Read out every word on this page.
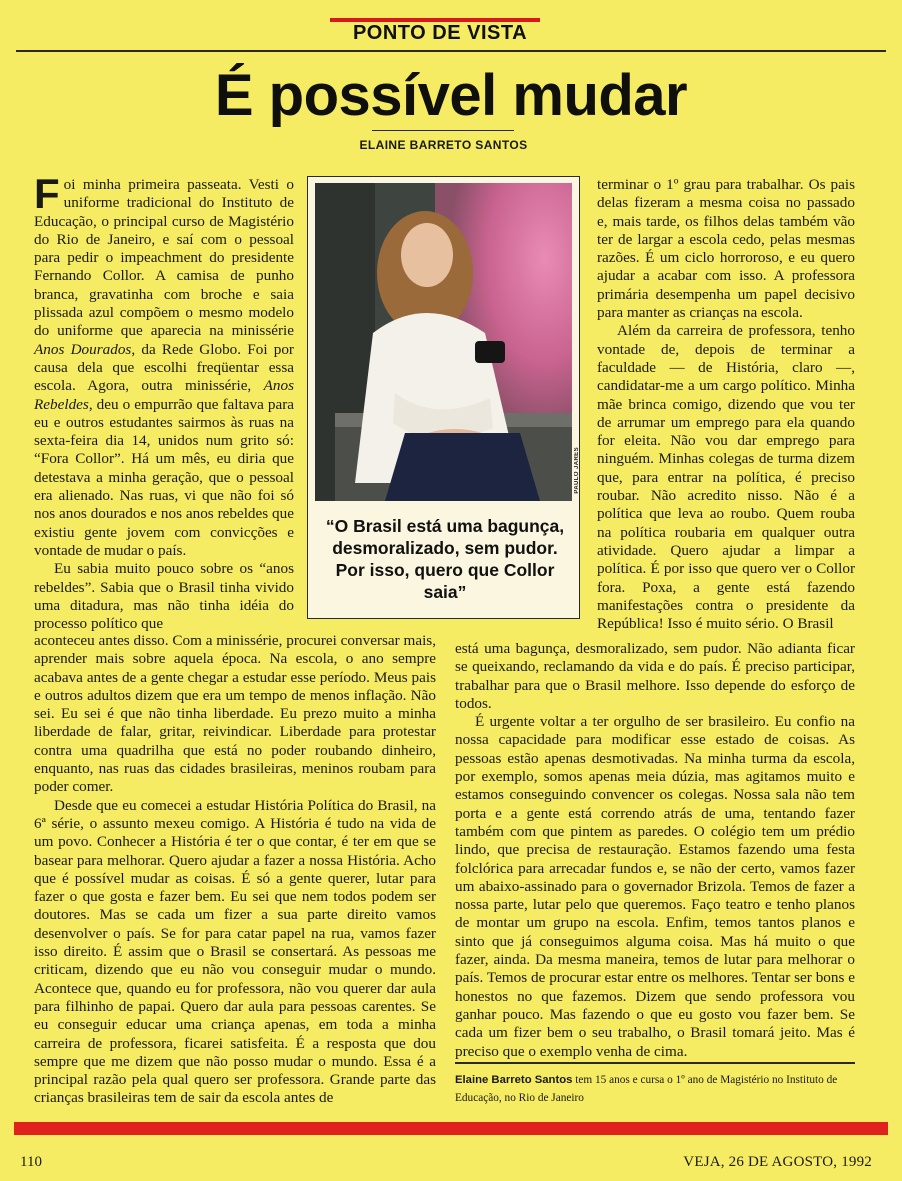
PONTO DE VISTA
É possível mudar
ELAINE BARRETO SANTOS

Foi minha primeira passeata. Vesti o uniforme tradicional do Instituto de Educação, o principal curso de Magistério do Rio de Janeiro, e saí com o pessoal para pedir o impeachment do presidente Fernando Collor. A camisa de punho branca, gravatinha com broche e saia plissada azul compõem o mesmo modelo do uniforme que aparecia na minissérie Anos Dourados, da Rede Globo. Foi por causa dela que escolhi freqüentar essa escola. Agora, outra minissérie, Anos Rebeldes, deu o empurrão que faltava para eu e outros estudantes sairmos às ruas na sexta-feira dia 14, unidos num grito só: “Fora Collor”. Há um mês, eu diria que detestava a minha geração, que o pessoal era alienado. Nas ruas, vi que não foi só nos anos dourados e nos anos rebeldes que existiu gente jovem com convicções e vontade de mudar o país.

Eu sabia muito pouco sobre os “anos rebeldes”. Sabia que o Brasil tinha vivido uma ditadura, mas não tinha idéia do processo político que

aconteceu antes disso. Com a minissérie, procurei conversar mais, aprender mais sobre aquela época. Na escola, o ano sempre acabava antes de a gente chegar a estudar esse período. Meus pais e outros adultos dizem que era um tempo de menos inflação. Não sei. Eu sei é que não tinha liberdade. Eu prezo muito a minha liberdade de falar, gritar, reivindicar. Liberdade para protestar contra uma quadrilha que está no poder roubando dinheiro, enquanto, nas ruas das cidades brasileiras, meninos roubam para poder comer.

Desde que eu comecei a estudar História Política do Brasil, na 6ª série, o assunto mexeu comigo. A História é tudo na vida de um povo. Conhecer a História é ter o que contar, é ter em que se basear para melhorar. Quero ajudar a fazer a nossa História. Acho que é possível mudar as coisas. É só a gente querer, lutar para fazer o que gosta e fazer bem. Eu sei que nem todos podem ser doutores. Mas se cada um fizer a sua parte direito vamos desenvolver o país. Se for para catar papel na rua, vamos fazer isso direito. É assim que o Brasil se consertará. As pessoas me criticam, dizendo que eu não vou conseguir mudar o mundo. Acontece que, quando eu for professora, não vou querer dar aula para filhinho de papai. Quero dar aula para pessoas carentes. Se eu conseguir educar uma criança apenas, em toda a minha carreira de professora, ficarei satisfeita. É a resposta que dou sempre que me dizem que não posso mudar o mundo. Essa é a principal razão pela qual quero ser professora. Grande parte das crianças brasileiras tem de sair da escola antes de

PAULO JARES
“O Brasil está uma bagunça, desmoralizado, sem pudor. Por isso, quero que Collor saia”

terminar o 1º grau para trabalhar. Os pais delas fizeram a mesma coisa no passado e, mais tarde, os filhos delas também vão ter de largar a escola cedo, pelas mesmas razões. É um ciclo horroroso, e eu quero ajudar a acabar com isso. A professora primária desempenha um papel decisivo para manter as crianças na escola.

Além da carreira de professora, tenho vontade de, depois de terminar a faculdade — de História, claro —, candidatar-me a um cargo político. Minha mãe brinca comigo, dizendo que vou ter de arrumar um emprego para ela quando for eleita. Não vou dar emprego para ninguém. Minhas colegas de turma dizem que, para entrar na política, é preciso roubar. Não acredito nisso. Não é a política que leva ao roubo. Quem rouba na política roubaria em qualquer outra atividade. Quero ajudar a limpar a política. É por isso que quero ver o Collor fora. Poxa, a gente está fazendo manifestações contra o presidente da República! Isso é muito sério. O Brasil

está uma bagunça, desmoralizado, sem pudor. Não adianta ficar se queixando, reclamando da vida e do país. É preciso participar, trabalhar para que o Brasil melhore. Isso depende do esforço de todos.

É urgente voltar a ter orgulho de ser brasileiro. Eu confio na nossa capacidade para modificar esse estado de coisas. As pessoas estão apenas desmotivadas. Na minha turma da escola, por exemplo, somos apenas meia dúzia, mas agitamos muito e estamos conseguindo convencer os colegas. Nossa sala não tem porta e a gente está correndo atrás de uma, tentando fazer também com que pintem as paredes. O colégio tem um prédio lindo, que precisa de restauração. Estamos fazendo uma festa folclórica para arrecadar fundos e, se não der certo, vamos fazer um abaixo-assinado para o governador Brizola. Temos de fazer a nossa parte, lutar pelo que queremos. Faço teatro e tenho planos de montar um grupo na escola. Enfim, temos tantos planos e sinto que já conseguimos alguma coisa. Mas há muito o que fazer, ainda. Da mesma maneira, temos de lutar para melhorar o país. Temos de procurar estar entre os melhores. Tentar ser bons e honestos no que fazemos. Dizem que sendo professora vou ganhar pouco. Mas fazendo o que eu gosto vou fazer bem. Se cada um fizer bem o seu trabalho, o Brasil tomará jeito. Mas é preciso que o exemplo venha de cima.

Elaine Barreto Santos tem 15 anos e cursa o 1º ano de Magistério no Instituto de Educação, no Rio de Janeiro
110	VEJA, 26 DE AGOSTO, 1992
